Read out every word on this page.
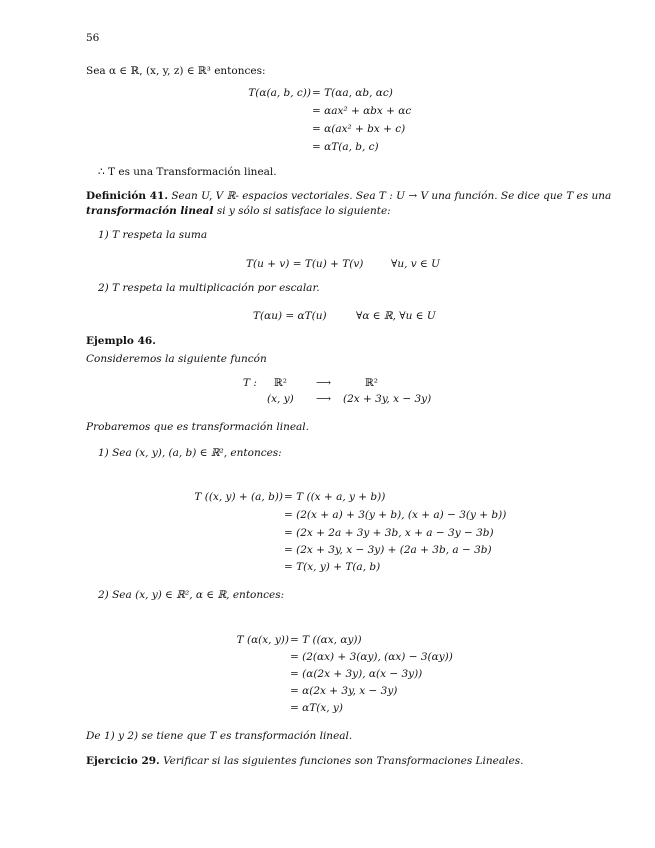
56
Sea α ∈ ℝ, (x, y, z) ∈ ℝ³ entonces:
T(α(a, b, c)) = T(αa, αb, αc)
= αax² + αbx + αc
= α(ax² + bx + c)
= αT(a, b, c)
∴ T es una Transformación lineal.
Definición 41. Sean U, V ℝ- espacios vectoriales. Sea T : U → V una función. Se dice que T es una
transformación lineal si y sólo si satisface lo siguiente:
1) T respeta la suma
T(u + v) = T(u) + T(v)	∀u, v ∈ U
2) T respeta la multiplicación por escalar.
T(αu) = αT(u)	∀α ∈ ℝ, ∀u ∈ U
Ejemplo 46.
Consideremos la siguiente funcón
T : ℝ²	⟶	ℝ²
(x, y) ⟶ (2x + 3y, x − 3y)
Probaremos que es transformación lineal.
1) Sea (x, y), (a, b) ∈ ℝ², entonces:
T ((x, y) + (a, b)) = T ((x + a, y + b))
= (2(x + a) + 3(y + b), (x + a) − 3(y + b))
= (2x + 2a + 3y + 3b, x + a − 3y − 3b)
= (2x + 3y, x − 3y) + (2a + 3b, a − 3b)
= T(x, y) + T(a, b)
2) Sea (x, y) ∈ ℝ², α ∈ ℝ, entonces:
T (α(x, y)) = T ((αx, αy))
= (2(αx) + 3(αy), (αx) − 3(αy))
= (α(2x + 3y), α(x − 3y))
= α(2x + 3y, x − 3y)
= αT(x, y)
De 1) y 2) se tiene que T es transformación lineal.
Ejercicio 29. Verificar si las siguientes funciones son Transformaciones Lineales.
